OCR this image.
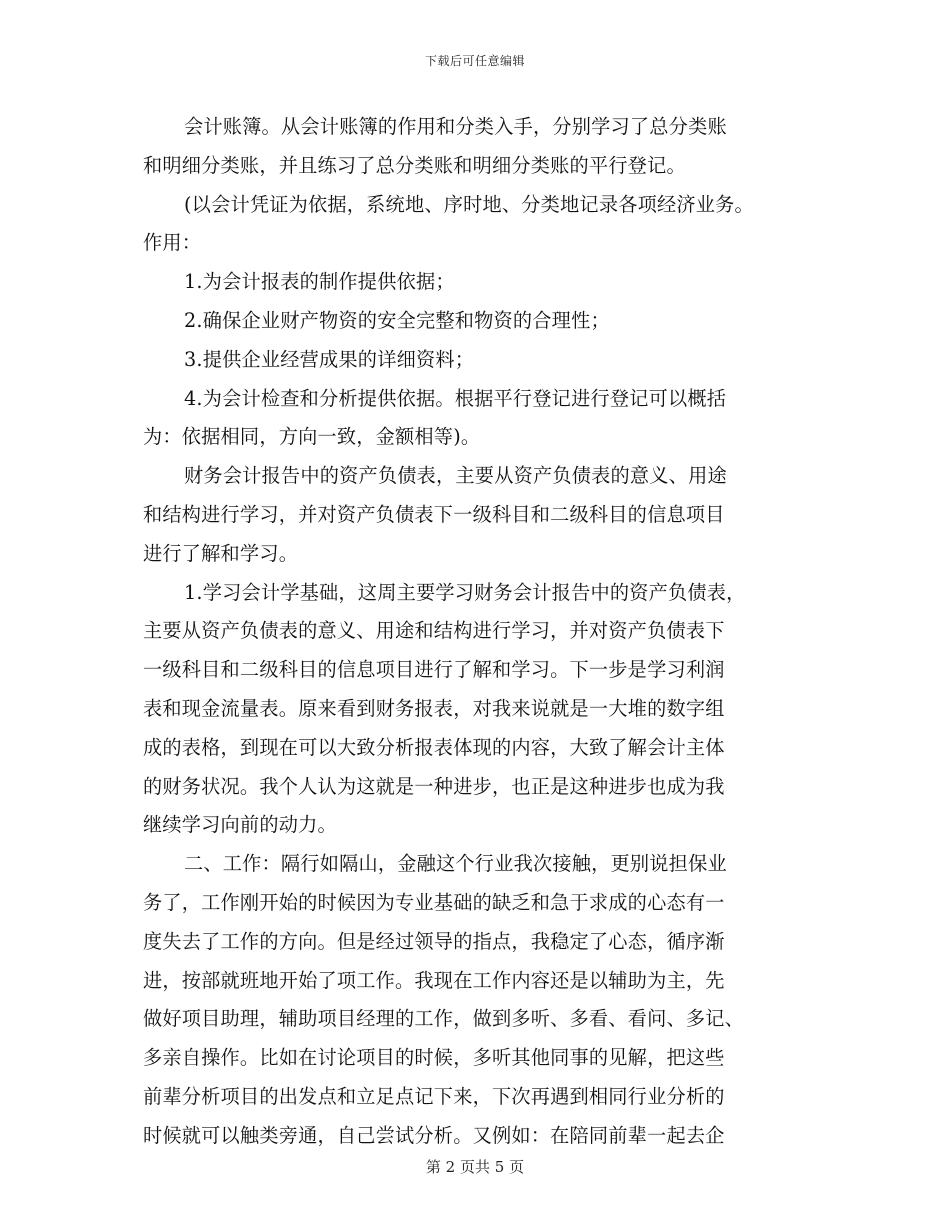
下载后可任意编辑
会计账簿。从会计账簿的作用和分类入手，分别学习了总分类账
和明细分类账，并且练习了总分类账和明细分类账的平行登记。
(以会计凭证为依据，系统地、序时地、分类地记录各项经济业务。
作用：
1.为会计报表的制作提供依据；
2.确保企业财产物资的安全完整和物资的合理性；
3.提供企业经营成果的详细资料；
4.为会计检查和分析提供依据。根据平行登记进行登记可以概括
为：依据相同，方向一致，金额相等)。
财务会计报告中的资产负债表，主要从资产负债表的意义、用途
和结构进行学习，并对资产负债表下一级科目和二级科目的信息项目
进行了解和学习。
1.学习会计学基础，这周主要学习财务会计报告中的资产负债表，
主要从资产负债表的意义、用途和结构进行学习，并对资产负债表下
一级科目和二级科目的信息项目进行了解和学习。下一步是学习利润
表和现金流量表。原来看到财务报表，对我来说就是一大堆的数字组
成的表格，到现在可以大致分析报表体现的内容，大致了解会计主体
的财务状况。我个人认为这就是一种进步，也正是这种进步也成为我
继续学习向前的动力。
二、工作：隔行如隔山，金融这个行业我次接触，更别说担保业
务了，工作刚开始的时候因为专业基础的缺乏和急于求成的心态有一
度失去了工作的方向。但是经过领导的指点，我稳定了心态，循序渐
进，按部就班地开始了项工作。我现在工作内容还是以辅助为主，先
做好项目助理，辅助项目经理的工作，做到多听、多看、看问、多记、
多亲自操作。比如在讨论项目的时候，多听其他同事的见解，把这些
前辈分析项目的出发点和立足点记下来，下次再遇到相同行业分析的
时候就可以触类旁通，自己尝试分析。又例如：在陪同前辈一起去企
第 2 页共 5 页
